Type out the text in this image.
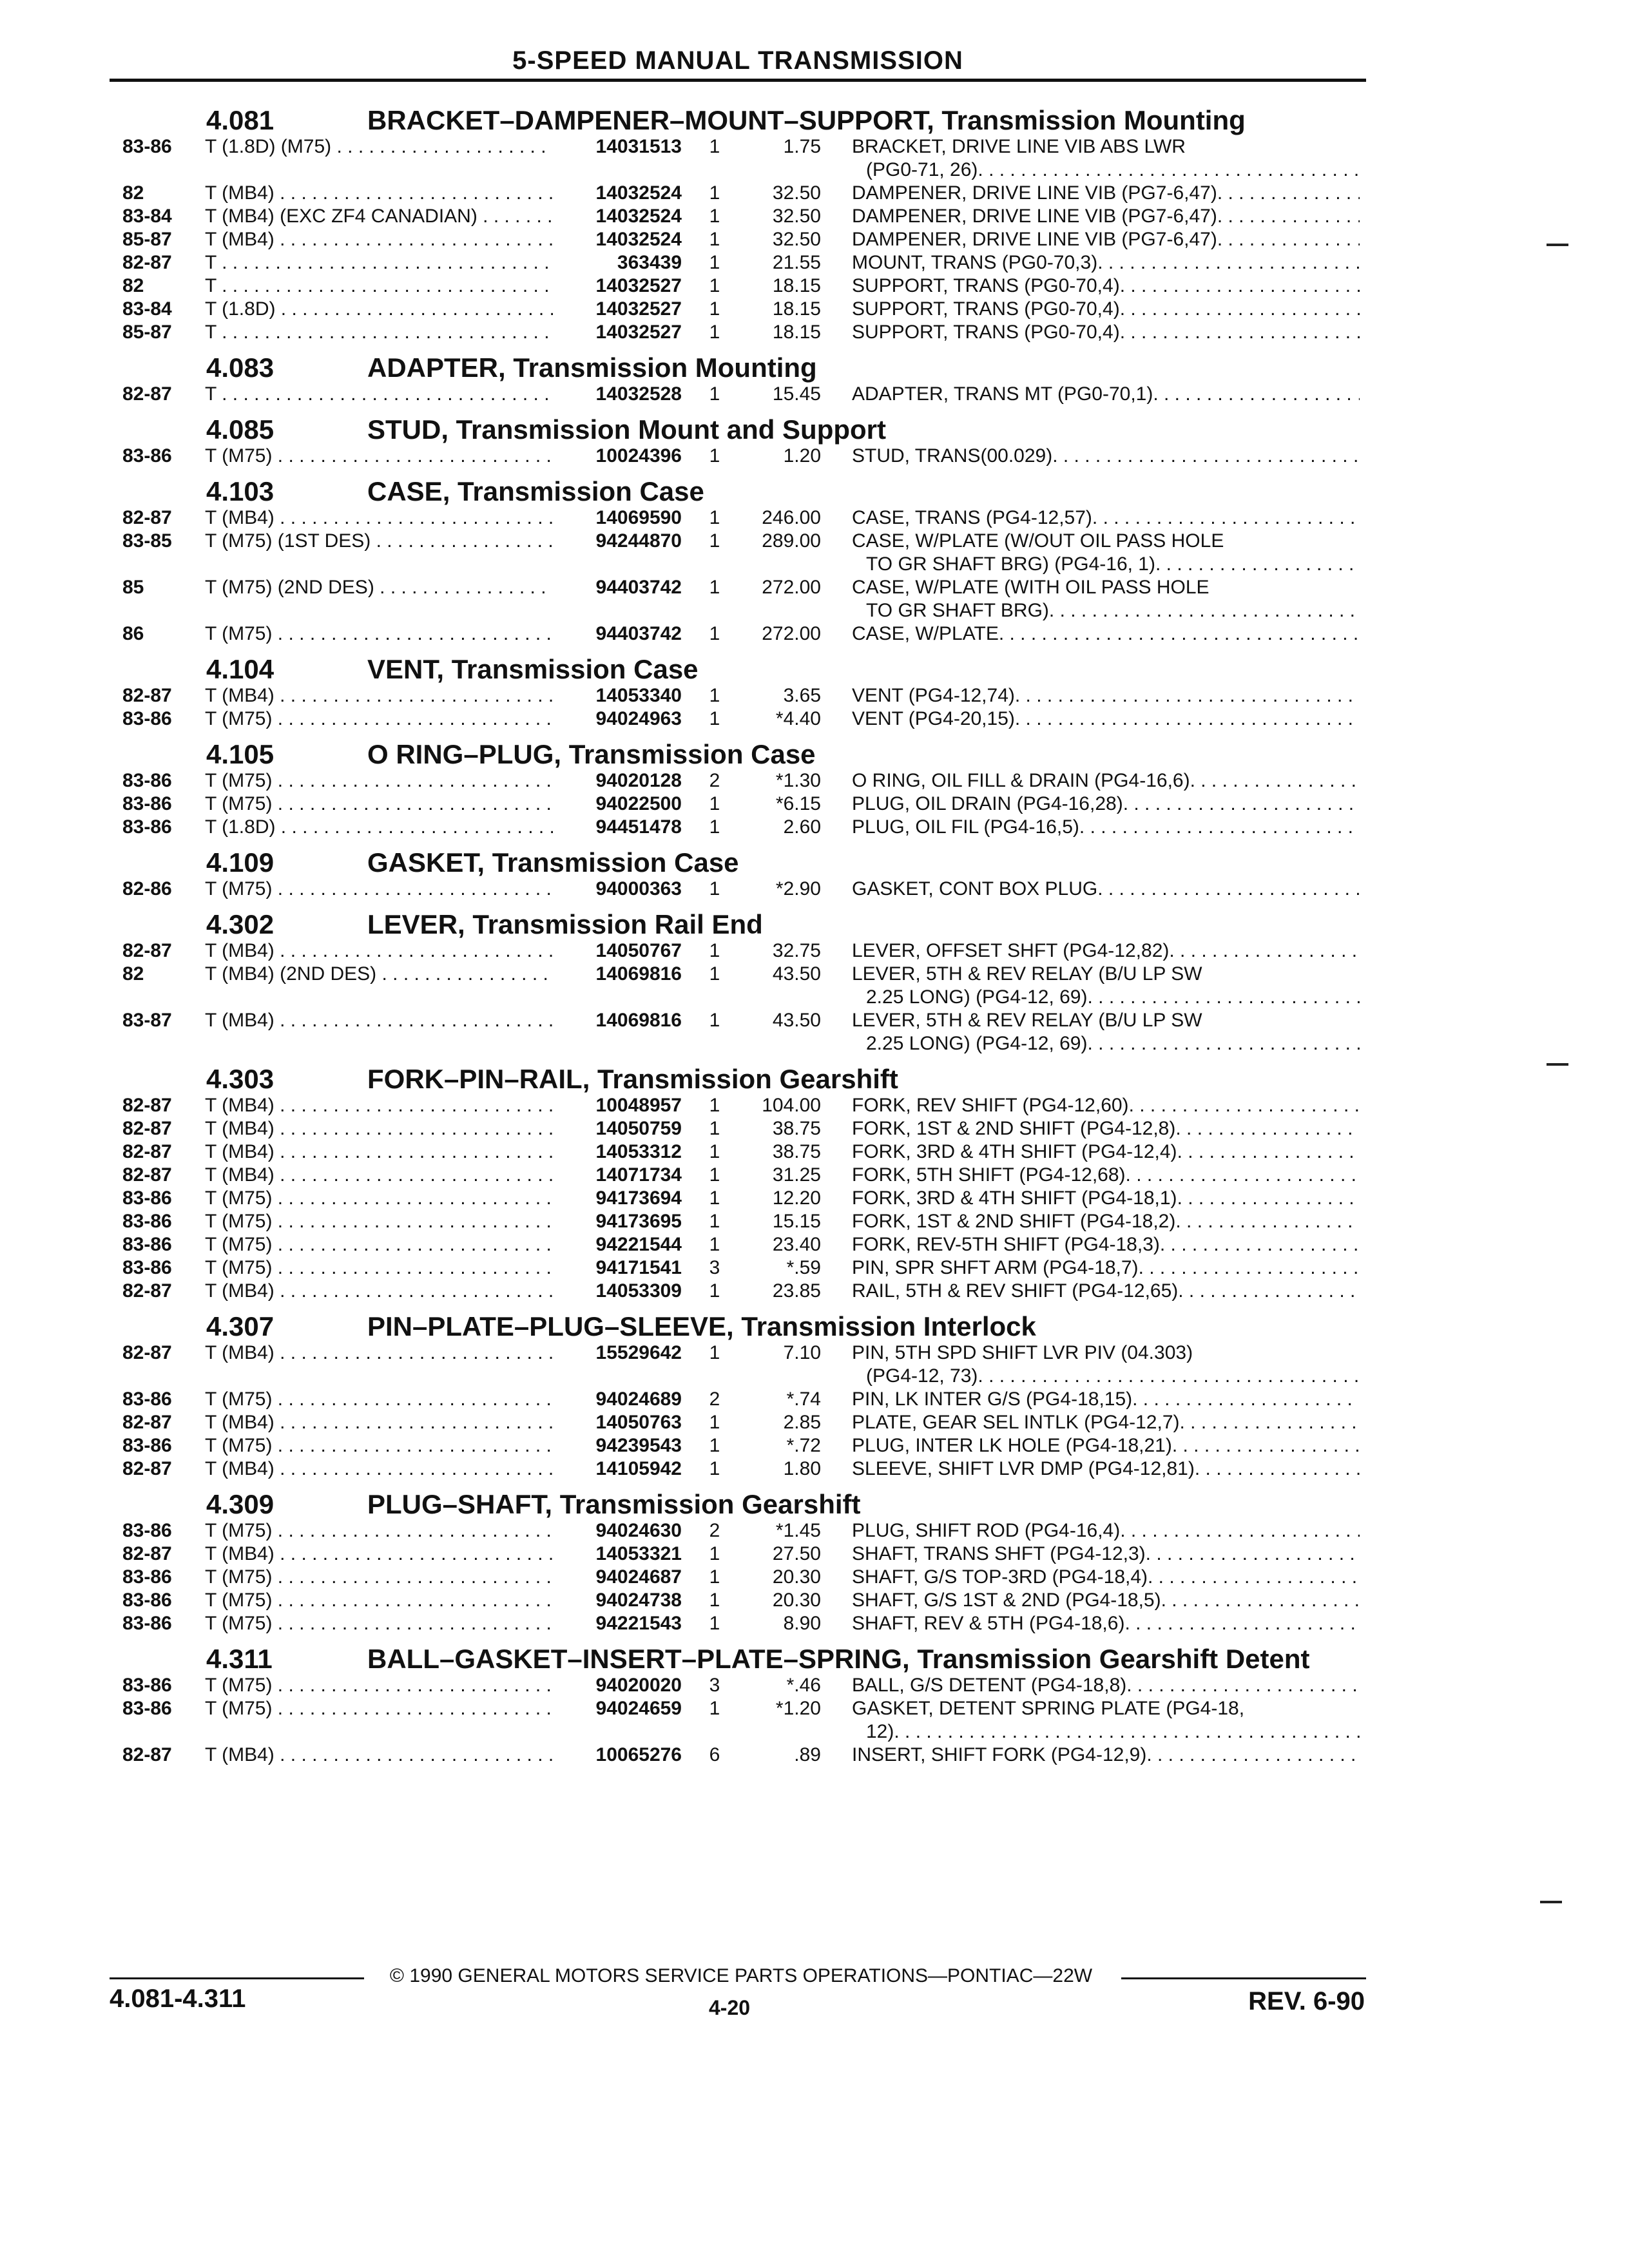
5-SPEED MANUAL TRANSMISSION
4.081	BRACKET–DAMPENER–MOUNT–SUPPORT, Transmission Mounting
83-86	T (1.8D) (M75) . . .	14031513	1	1.75	BRACKET, DRIVE LINE VIB ABS LWR
(PG0-71, 26)
. . .
82	T (MB4) . . .	14032524	1	32.50	DAMPENER, DRIVE LINE VIB (PG7-6,47)
. . .
83-84	T (MB4) (EXC ZF4 CANADIAN) . . .	14032524	1	32.50	DAMPENER, DRIVE LINE VIB (PG7-6,47)
. . .
85-87	T (MB4) . . .	14032524	1	32.50	DAMPENER, DRIVE LINE VIB (PG7-6,47)
. . .
82-87	T . . .	363439	1	21.55	MOUNT, TRANS (PG0-70,3)
. . .
82	T . . .	14032527	1	18.15	SUPPORT, TRANS (PG0-70,4)
. . .
83-84	T (1.8D) . . .	14032527	1	18.15	SUPPORT, TRANS (PG0-70,4)
. . .
85-87	T . . .	14032527	1	18.15	SUPPORT, TRANS (PG0-70,4)
. . .
4.083	ADAPTER, Transmission Mounting
82-87	T . . .	14032528	1	15.45	ADAPTER, TRANS MT (PG0-70,1)
. . .
4.085	STUD, Transmission Mount and Support
83-86	T (M75) . . .	10024396	1	1.20	STUD, TRANS(00.029)
. . .
4.103	CASE, Transmission Case
82-87	T (MB4) . . .	14069590	1	246.00	CASE, TRANS (PG4-12,57)
. . .
83-85	T (M75) (1ST DES) . . .	94244870	1	289.00	CASE, W/PLATE (W/OUT OIL PASS HOLE
TO GR SHAFT BRG) (PG4-16, 1)
. . .
85	T (M75) (2ND DES) . . .	94403742	1	272.00	CASE, W/PLATE (WITH OIL PASS HOLE
TO GR SHAFT BRG)
. . .
86	T (M75) . . .	94403742	1	272.00	CASE, W/PLATE
. . .
4.104	VENT, Transmission Case
82-87	T (MB4) . . .	14053340	1	3.65	VENT (PG4-12,74)
. . .
83-86	T (M75) . . .	94024963	1	*4.40	VENT (PG4-20,15)
. . .
4.105	O RING–PLUG, Transmission Case
83-86	T (M75) . . .	94020128	2	*1.30	O RING, OIL FILL & DRAIN (PG4-16,6)
. . .
83-86	T (M75) . . .	94022500	1	*6.15	PLUG, OIL DRAIN (PG4-16,28)
. . .
83-86	T (1.8D) . . .	94451478	1	2.60	PLUG, OIL FIL (PG4-16,5)
. . .
4.109	GASKET, Transmission Case
82-86	T (M75) . . .	94000363	1	*2.90	GASKET, CONT BOX PLUG
. . .
4.302	LEVER, Transmission Rail End
82-87	T (MB4) . . .	14050767	1	32.75	LEVER, OFFSET SHFT (PG4-12,82)
. . .
82	T (MB4) (2ND DES) . . .	14069816	1	43.50	LEVER, 5TH & REV RELAY (B/U LP SW
2.25 LONG) (PG4-12, 69)
. . .
83-87	T (MB4) . . .	14069816	1	43.50	LEVER, 5TH & REV RELAY (B/U LP SW
2.25 LONG) (PG4-12, 69)
. . .
4.303	FORK–PIN–RAIL, Transmission Gearshift
82-87	T (MB4) . . .	10048957	1	104.00	FORK, REV SHIFT (PG4-12,60)
. . .
82-87	T (MB4) . . .	14050759	1	38.75	FORK, 1ST & 2ND SHIFT (PG4-12,8)
. . .
82-87	T (MB4) . . .	14053312	1	38.75	FORK, 3RD & 4TH SHIFT (PG4-12,4)
. . .
82-87	T (MB4) . . .	14071734	1	31.25	FORK, 5TH SHIFT (PG4-12,68)
. . .
83-86	T (M75) . . .	94173694	1	12.20	FORK, 3RD & 4TH SHIFT (PG4-18,1)
. . .
83-86	T (M75) . . .	94173695	1	15.15	FORK, 1ST & 2ND SHIFT (PG4-18,2)
. . .
83-86	T (M75) . . .	94221544	1	23.40	FORK, REV-5TH SHIFT (PG4-18,3)
. . .
83-86	T (M75) . . .	94171541	3	*.59	PIN, SPR SHFT ARM (PG4-18,7)
. . .
82-87	T (MB4) . . .	14053309	1	23.85	RAIL, 5TH & REV SHIFT (PG4-12,65)
. . .
4.307	PIN–PLATE–PLUG–SLEEVE, Transmission Interlock
82-87	T (MB4) . . .	15529642	1	7.10	PIN, 5TH SPD SHIFT LVR PIV (04.303)
(PG4-12, 73)
. . .
83-86	T (M75) . . .	94024689	2	*.74	PIN, LK INTER G/S (PG4-18,15)
. . .
82-87	T (MB4) . . .	14050763	1	2.85	PLATE, GEAR SEL INTLK (PG4-12,7)
. . .
83-86	T (M75) . . .	94239543	1	*.72	PLUG, INTER LK HOLE (PG4-18,21)
. . .
82-87	T (MB4) . . .	14105942	1	1.80	SLEEVE, SHIFT LVR DMP (PG4-12,81)
. . .
4.309	PLUG–SHAFT, Transmission Gearshift
83-86	T (M75) . . .	94024630	2	*1.45	PLUG, SHIFT ROD (PG4-16,4)
. . .
82-87	T (MB4) . . .	14053321	1	27.50	SHAFT, TRANS SHFT (PG4-12,3)
. . .
83-86	T (M75) . . .	94024687	1	20.30	SHAFT, G/S TOP-3RD (PG4-18,4)
. . .
83-86	T (M75) . . .	94024738	1	20.30	SHAFT, G/S 1ST & 2ND (PG4-18,5)
. . .
83-86	T (M75) . . .	94221543	1	8.90	SHAFT, REV & 5TH (PG4-18,6)
. . .
4.311	BALL–GASKET–INSERT–PLATE–SPRING, Transmission Gearshift Detent
83-86	T (M75) . . .	94020020	3	*.46	BALL, G/S DETENT (PG4-18,8)
. . .
83-86	T (M75) . . .	94024659	1	*1.20	GASKET, DETENT SPRING PLATE (PG4-18,
12)
. . .
82-87	T (MB4) . . .	10065276	6	.89	INSERT, SHIFT FORK (PG4-12,9)
. . .
© 1990 GENERAL MOTORS SERVICE PARTS OPERATIONS—PONTIAC—22W
4.081-4.311	4-20	REV. 6-90
